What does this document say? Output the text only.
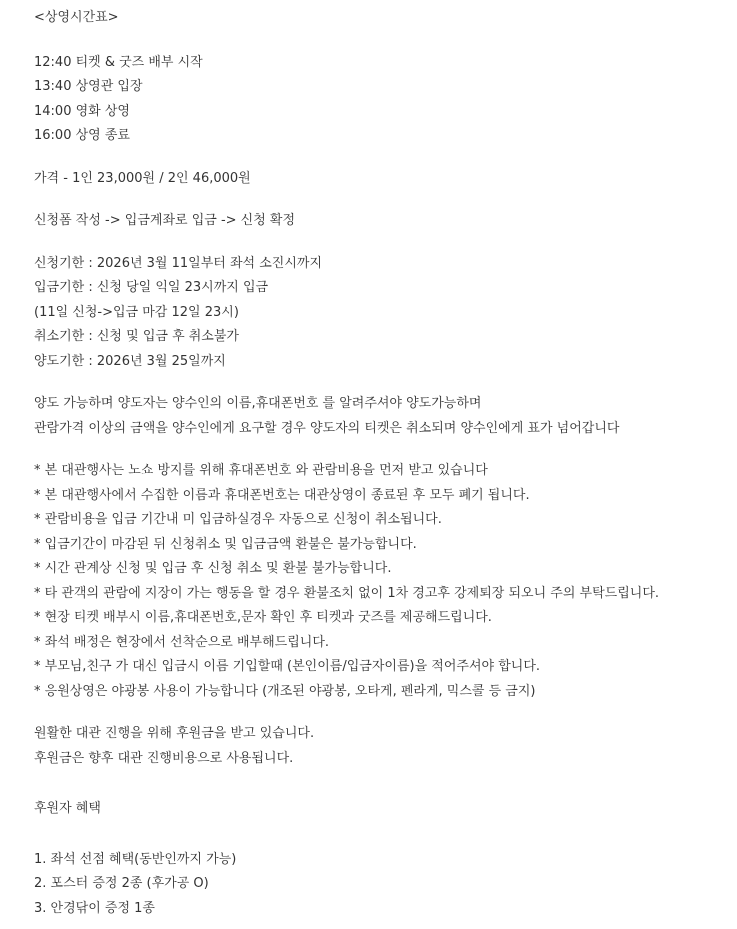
<상영시간표>
12:40 티켓 & 굿즈 배부 시작
13:40 상영관 입장
14:00 영화 상영
16:00 상영 종료
가격 - 1인 23,000원 / 2인 46,000원
신청폼 작성 -> 입금계좌로 입금 -> 신청 확정
신청기한 : 2026년 3월 11일부터 좌석 소진시까지
입금기한 : 신청 당일 익일 23시까지 입금
(11일 신청->입금 마감 12일 23시)
취소기한 : 신청 및 입금 후 취소불가
양도기한 : 2026년 3월 25일까지
양도 가능하며 양도자는 양수인의 이름,휴대폰번호 를 알려주셔야 양도가능하며
관람가격 이상의 금액을 양수인에게 요구할 경우 양도자의 티켓은 취소되며 양수인에게 표가 넘어갑니다
* 본 대관행사는 노쇼 방지를 위해 휴대폰번호 와 관람비용을 먼저 받고 있습니다
* 본 대관행사에서 수집한 이름과 휴대폰번호는 대관상영이 종료된 후 모두 폐기 됩니다.
* 관람비용을 입금 기간내 미 입금하실경우 자동으로 신청이 취소됩니다.
* 입금기간이 마감된 뒤 신청취소 및 입금금액 환불은 불가능합니다.
* 시간 관계상 신청 및 입금 후 신청 취소 및 환불 불가능합니다.
* 타 관객의 관람에 지장이 가는 행동을 할 경우 환불조치 없이 1차 경고후 강제퇴장 되오니 주의 부탁드립니다.
* 현장 티켓 배부시 이름,휴대폰번호,문자 확인 후 티켓과 굿즈를 제공해드립니다.
* 좌석 배정은 현장에서 선착순으로 배부해드립니다.
* 부모님,친구 가 대신 입금시 이름 기입할때 (본인이름/입금자이름)을 적어주셔야 합니다.
* 응원상영은 야광봉 사용이 가능합니다 (개조된 야광봉, 오타게, 펜라게, 믹스콜 등 금지)
원활한 대관 진행을 위해 후원금을 받고 있습니다.
후원금은 향후 대관 진행비용으로 사용됩니다.
후원자 혜택
1. 좌석 선점 혜택(동반인까지 가능)
2. 포스터 증정 2종 (후가공 O)
3. 안경닦이 증정 1종
